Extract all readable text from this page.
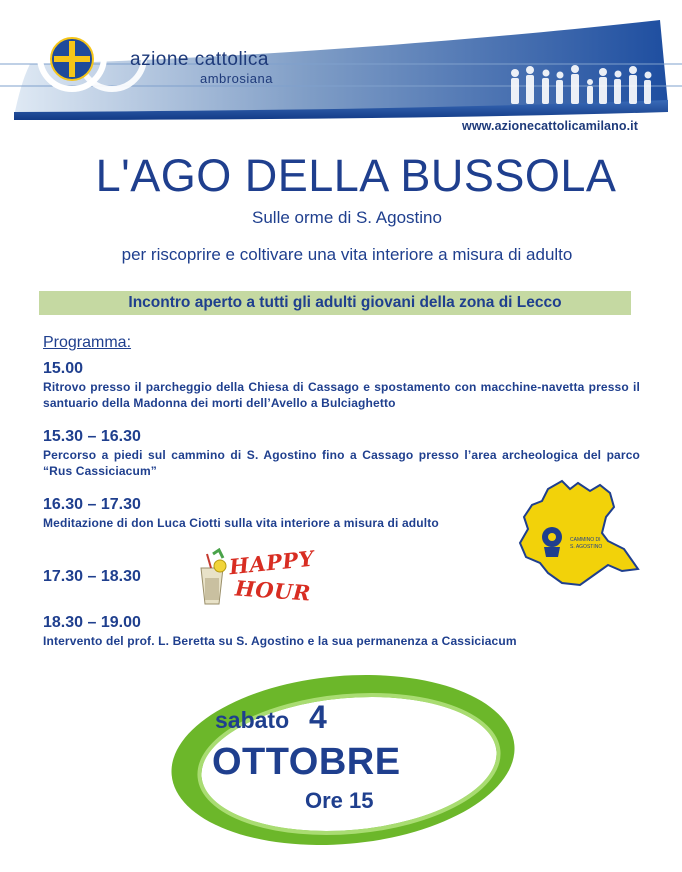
azione cattolica
ambrosiana
www.azionecattolicamilano.it
L'AGO DELLA BUSSOLA
Sulle orme di S. Agostino
per riscoprire e coltivare una vita interiore a misura di adulto
Incontro aperto a tutti gli adulti giovani della zona di Lecco
Programma:
15.00
Ritrovo presso il parcheggio della Chiesa di Cassago e spostamento con macchine-navetta presso il santuario della Madonna dei morti dell’Avello a Bulciaghetto
15.30 – 16.30
Percorso a piedi sul cammino di S. Agostino fino a Cassago presso l’area archeologica del parco “Rus Cassiciacum”
16.30 – 17.30
Meditazione di don Luca Ciotti sulla vita interiore a misura di adulto
17.30 – 18.30
18.30 – 19.00
Intervento del prof. L. Beretta su S. Agostino e la sua permanenza a Cassiciacum
HAPPY
HOUR
CAMMINO DI
S. AGOSTINO
sabato 4
OTTOBRE
Ore 15
